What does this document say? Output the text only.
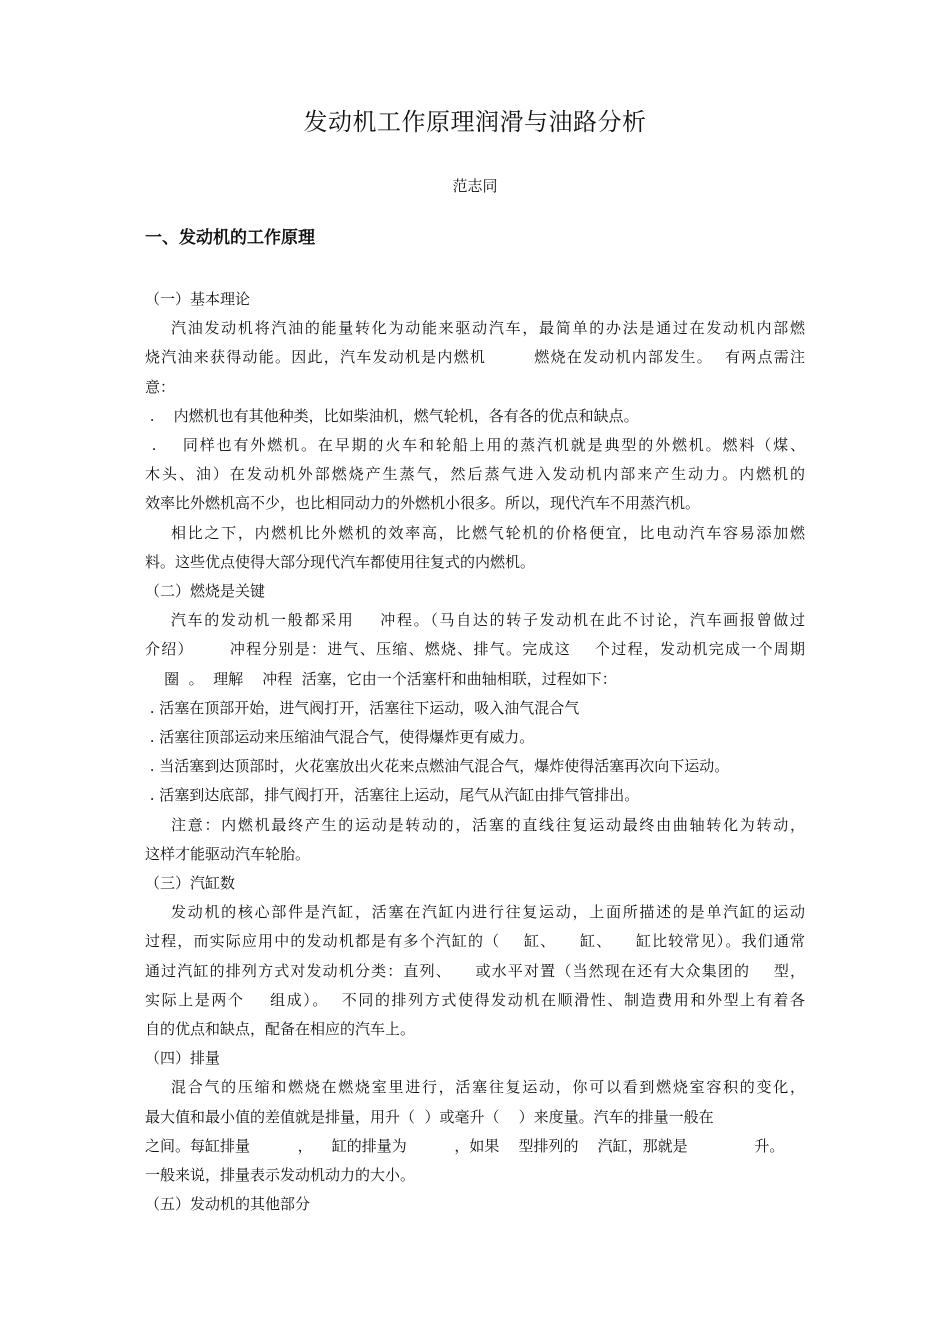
发动机工作原理润滑与油路分析
范志同
一、发动机的工作原理

（一）基本理论

汽油发动机将汽油的能量转化为动能来驱动汽车，最简单的办法是通过在发动机内部燃

烧汽油来获得动能。因此，汽车发动机是内燃机        燃烧在发动机内部发生。  有两点需注

意：

.    内燃机也有其他种类，比如柴油机，燃气轮机，各有各的优点和缺点。

.    同样也有外燃机。在早期的火车和轮船上用的蒸汽机就是典型的外燃机。燃料（煤、

木头、油）在发动机外部燃烧产生蒸气，然后蒸气进入发动机内部来产生动力。内燃机的

效率比外燃机高不少，也比相同动力的外燃机小很多。所以，现代汽车不用蒸汽机。

相比之下，内燃机比外燃机的效率高，比燃气轮机的价格便宜，比电动汽车容易添加燃

料。这些优点使得大部分现代汽车都使用往复式的内燃机。

（二）燃烧是关键

汽车的发动机一般都采用    冲程。（马自达的转子发动机在此不讨论，汽车画报曾做过

介绍）      冲程分别是：进气、压缩、燃烧、排气。完成这    个过程，发动机完成一个周期

圈  。  理解    冲程  活塞，它由一个活塞杆和曲轴相联，过程如下：

. 活塞在顶部开始，进气阀打开，活塞往下运动，吸入油气混合气

. 活塞往顶部运动来压缩油气混合气，使得爆炸更有威力。

. 当活塞到达顶部时，火花塞放出火花来点燃油气混合气，爆炸使得活塞再次向下运动。

. 活塞到达底部，排气阀打开，活塞往上运动，尾气从汽缸由排气管排出。

注意：内燃机最终产生的运动是转动的，活塞的直线往复运动最终由曲轴转化为转动，

这样才能驱动汽车轮胎。

（三）汽缸数

发动机的核心部件是汽缸，活塞在汽缸内进行往复运动，上面所描述的是单汽缸的运动

过程，而实际应用中的发动机都是有多个汽缸的（    缸、    缸、    缸比较常见）。我们通常

通过汽缸的排列方式对发动机分类：直列、    或水平对置（当然现在还有大众集团的    型，

实际上是两个    组成）。  不同的排列方式使得发动机在顺滑性、制造费用和外型上有着各

自的优点和缺点，配备在相应的汽车上。

（四）排量

混合气的压缩和燃烧在燃烧室里进行，活塞往复运动，你可以看到燃烧室容积的变化，

最大值和最小值的差值就是排量，用升（  ）或毫升（    ）来度量。汽车的排量一般在

之间。每缸排量          ，    缸的排量为          ，如果    型排列的    汽缸，那就是              升。

一般来说，排量表示发动机动力的大小。

（五）发动机的其他部分
